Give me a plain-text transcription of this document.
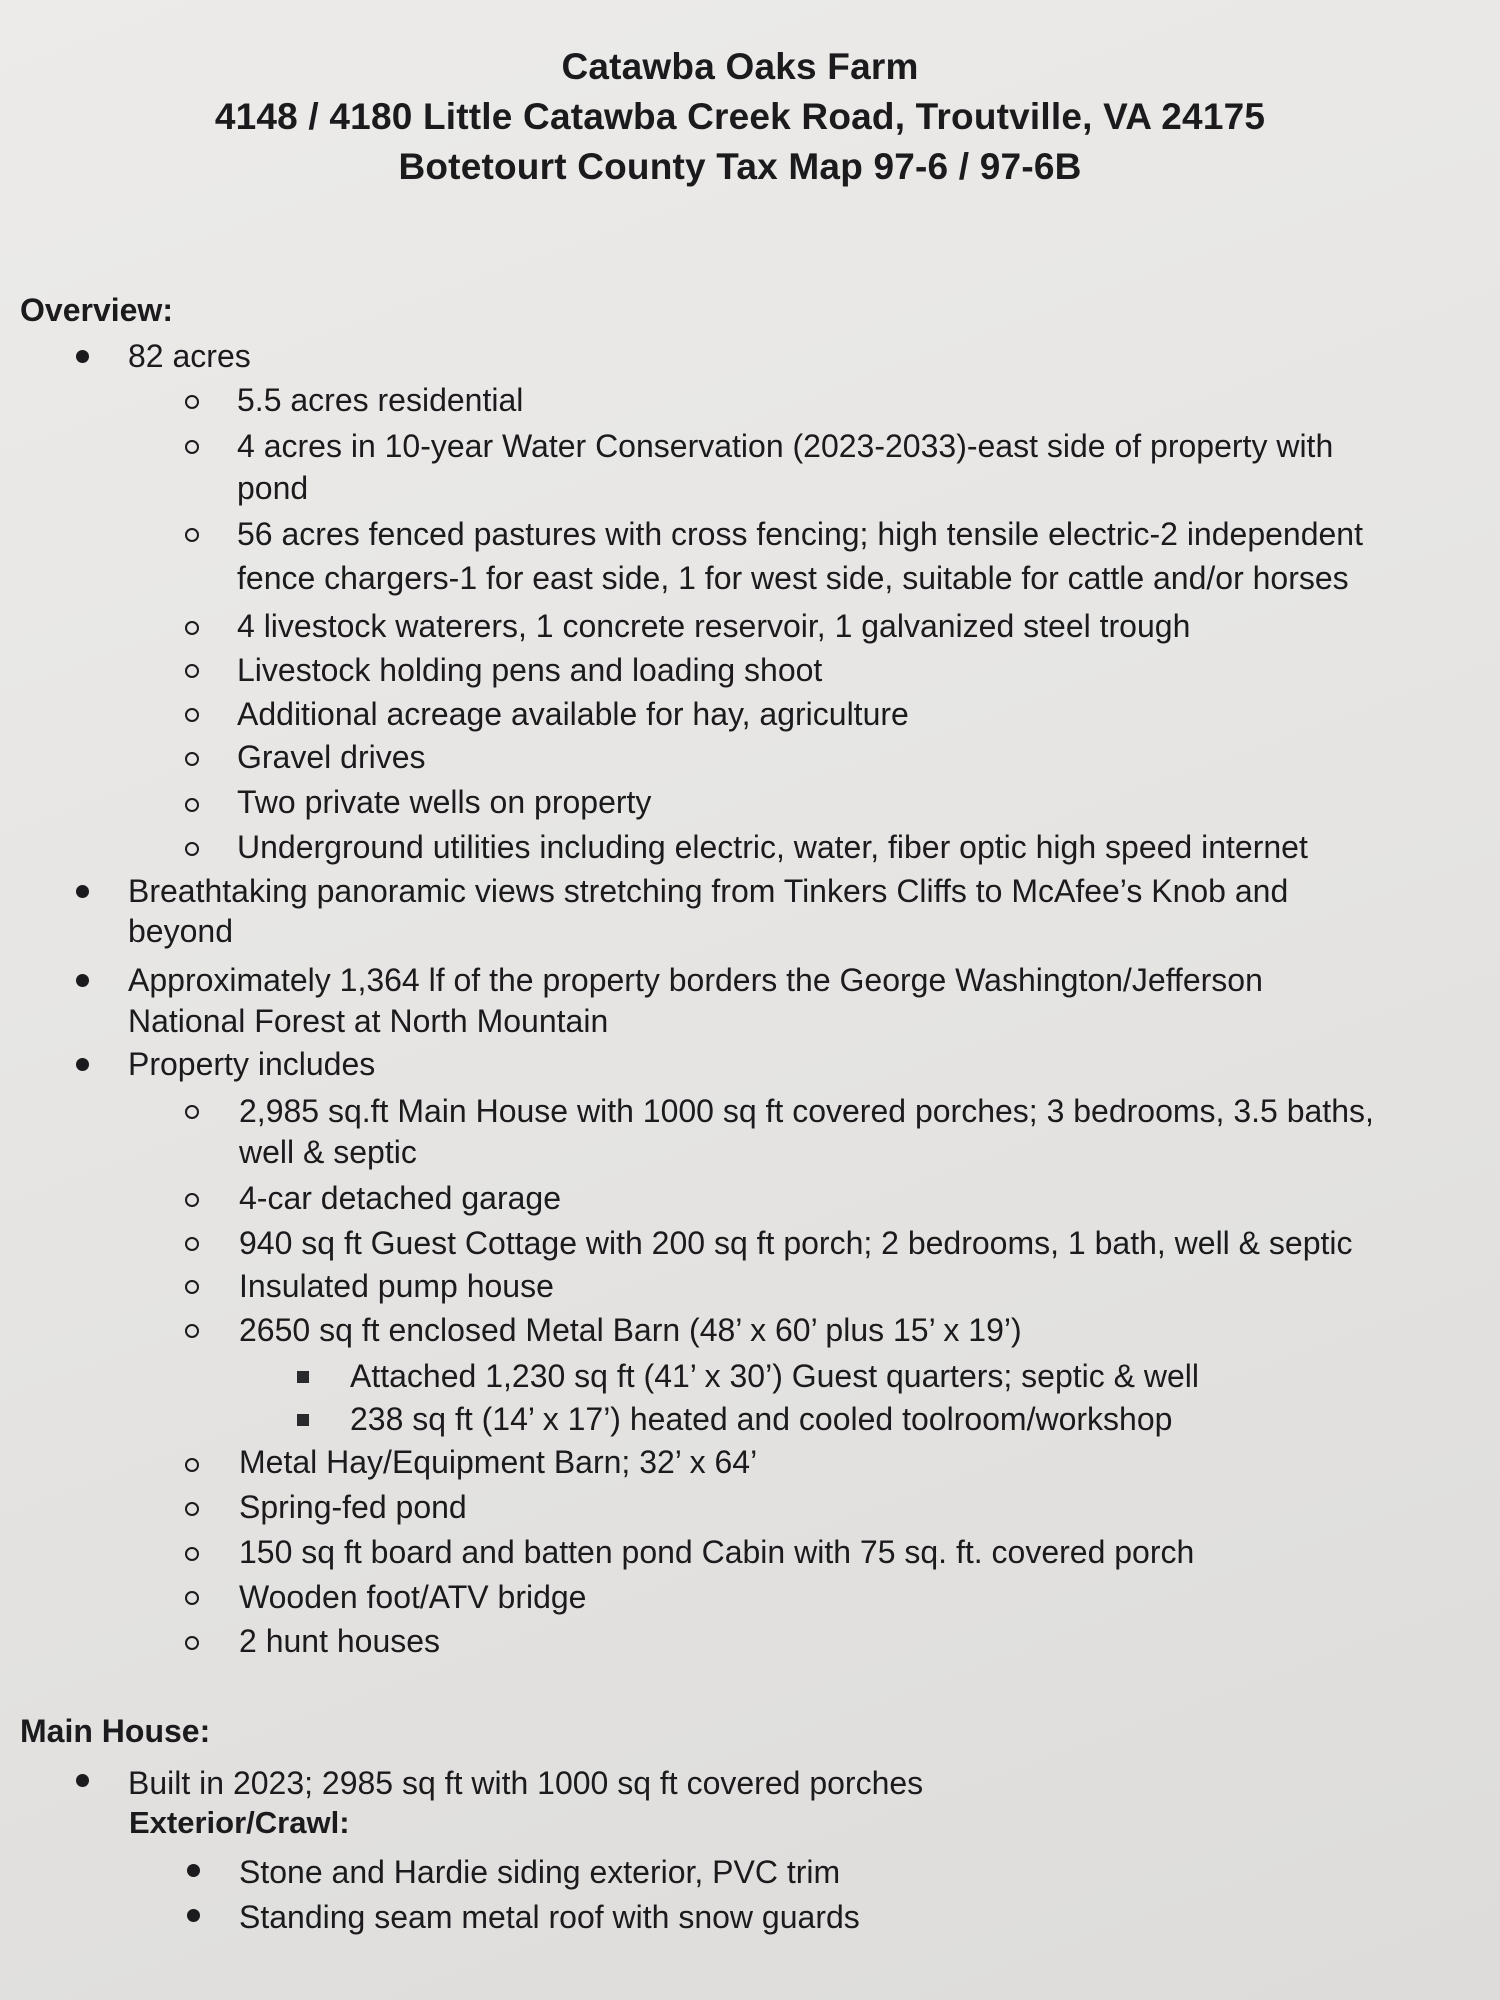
Catawba Oaks Farm
4148 / 4180 Little Catawba Creek Road, Troutville, VA 24175
Botetourt County Tax Map 97-6 / 97-6B
Overview:
82 acres
5.5 acres residential
4 acres in 10-year Water Conservation (2023-2033)-east side of property with
pond
56 acres fenced pastures with cross fencing; high tensile electric-2 independent
fence chargers-1 for east side, 1 for west side, suitable for cattle and/or horses
4 livestock waterers, 1 concrete reservoir, 1 galvanized steel trough
Livestock holding pens and loading shoot
Additional acreage available for hay, agriculture
Gravel drives
Two private wells on property
Underground utilities including electric, water, fiber optic high speed internet
Breathtaking panoramic views stretching from Tinkers Cliffs to McAfee’s Knob and
beyond
Approximately 1,364 lf of the property borders the George Washington/Jefferson
National Forest at North Mountain
Property includes
2,985 sq.ft Main House with 1000 sq ft covered porches; 3 bedrooms, 3.5 baths,
well & septic
4-car detached garage
940 sq ft Guest Cottage with 200 sq ft porch; 2 bedrooms, 1 bath, well & septic
Insulated pump house
2650 sq ft enclosed Metal Barn (48’ x 60’ plus 15’ x 19’)
Attached 1,230 sq ft (41’ x 30’) Guest quarters; septic & well
238 sq ft (14’ x 17’) heated and cooled toolroom/workshop
Metal Hay/Equipment Barn; 32’ x 64’
Spring-fed pond
150 sq ft board and batten pond Cabin with 75 sq. ft. covered porch
Wooden foot/ATV bridge
2 hunt houses
Main House:
Built in 2023; 2985 sq ft with 1000 sq ft covered porches
Exterior/Crawl:
Stone and Hardie siding exterior, PVC trim
Standing seam metal roof with snow guards
